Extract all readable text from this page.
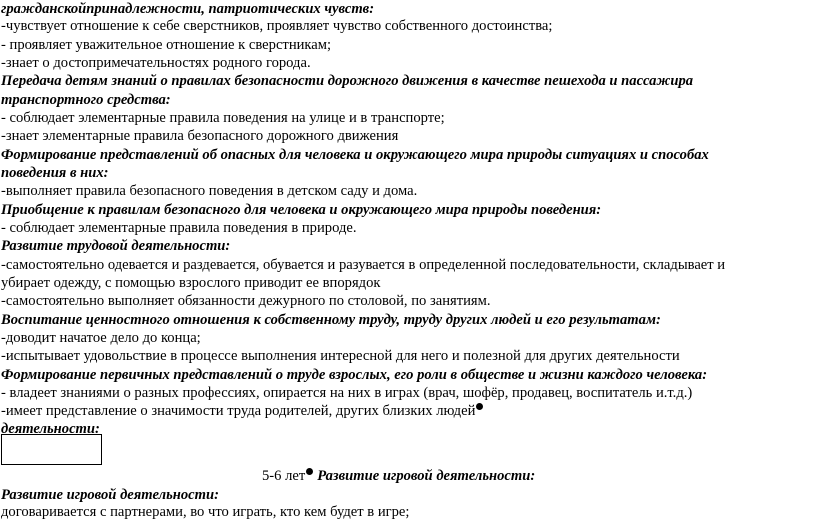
гражданскойпринадлежности, патриотических чувств:
-чувствует отношение к себе сверстников, проявляет чувство собственного достоинства;
- проявляет уважительное отношение к сверстникам;
-знает о достопримечательностях родного города.
Передача детям знаний о правилах безопасности дорожного движения в качестве пешехода и пассажира
транспортного средства:
- соблюдает элементарные правила поведения на улице и в транспорте;
-знает элементарные правила безопасного дорожного движения
Формирование представлений об опасных для человека и окружающего мира природы ситуациях и способах
поведения в них:
-выполняет правила безопасного поведения в детском саду и дома.
Приобщение к правилам безопасного для человека и окружающего мира природы поведения:
- соблюдает элементарные правила поведения в природе.
Развитие трудовой деятельности:
-самостоятельно одевается и раздевается, обувается и разувается в определенной последовательности, складывает и
убирает одежду, с помощью взрослого приводит ее впорядок
-самостоятельно выполняет обязанности дежурного по столовой, по занятиям.
Воспитание ценностного отношения к собственному труду, труду других людей и его результатам:
-доводит начатое дело до конца;
-испытывает удовольствие в процессе выполнения интересной для него и полезной для других деятельности
Формирование первичных представлений о труде взрослых, его роли в обществе и жизни каждого человека:
- владеет знаниями о разных профессиях, опирается на них в играх (врач, шофёр, продавец, воспитатель и.т.д.)
-имеет представление о значимости труда родителей, других близких людей
деятельности:
5-6 лет Развитие игровой деятельности:
Развитие игровой деятельности:
договаривается с партнерами, во что играть, кто кем будет в игре;
